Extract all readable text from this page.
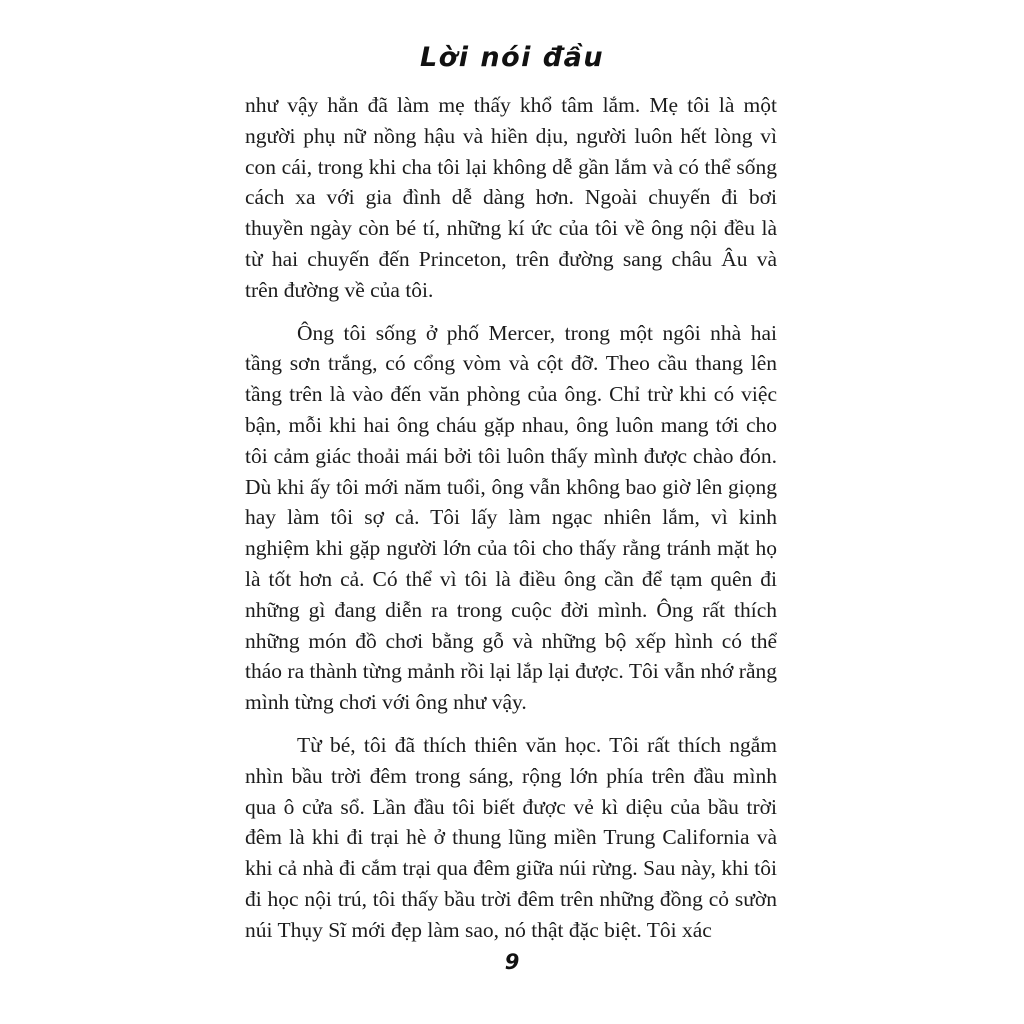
Lời nói đầu

như vậy hẳn đã làm mẹ thấy khổ tâm lắm. Mẹ tôi là một người phụ nữ nồng hậu và hiền dịu, người luôn hết lòng vì con cái, trong khi cha tôi lại không dễ gần lắm và có thể sống cách xa với gia đình dễ dàng hơn. Ngoài chuyến đi bơi thuyền ngày còn bé tí, những kí ức của tôi về ông nội đều là từ hai chuyến đến Princeton, trên đường sang châu Âu và trên đường về của tôi.

Ông tôi sống ở phố Mercer, trong một ngôi nhà hai tầng sơn trắng, có cổng vòm và cột đỡ. Theo cầu thang lên tầng trên là vào đến văn phòng của ông. Chỉ trừ khi có việc bận, mỗi khi hai ông cháu gặp nhau, ông luôn mang tới cho tôi cảm giác thoải mái bởi tôi luôn thấy mình được chào đón. Dù khi ấy tôi mới năm tuổi, ông vẫn không bao giờ lên giọng hay làm tôi sợ cả. Tôi lấy làm ngạc nhiên lắm, vì kinh nghiệm khi gặp người lớn của tôi cho thấy rằng tránh mặt họ là tốt hơn cả. Có thể vì tôi là điều ông cần để tạm quên đi những gì đang diễn ra trong cuộc đời mình. Ông rất thích những món đồ chơi bằng gỗ và những bộ xếp hình có thể tháo ra thành từng mảnh rồi lại lắp lại được. Tôi vẫn nhớ rằng mình từng chơi với ông như vậy.

Từ bé, tôi đã thích thiên văn học. Tôi rất thích ngắm nhìn bầu trời đêm trong sáng, rộng lớn phía trên đầu mình qua ô cửa sổ. Lần đầu tôi biết được vẻ kì diệu của bầu trời đêm là khi đi trại hè ở thung lũng miền Trung California và khi cả nhà đi cắm trại qua đêm giữa núi rừng. Sau này, khi tôi đi học nội trú, tôi thấy bầu trời đêm trên những đồng cỏ sườn núi Thụy Sĩ mới đẹp làm sao, nó thật đặc biệt. Tôi xác

9
